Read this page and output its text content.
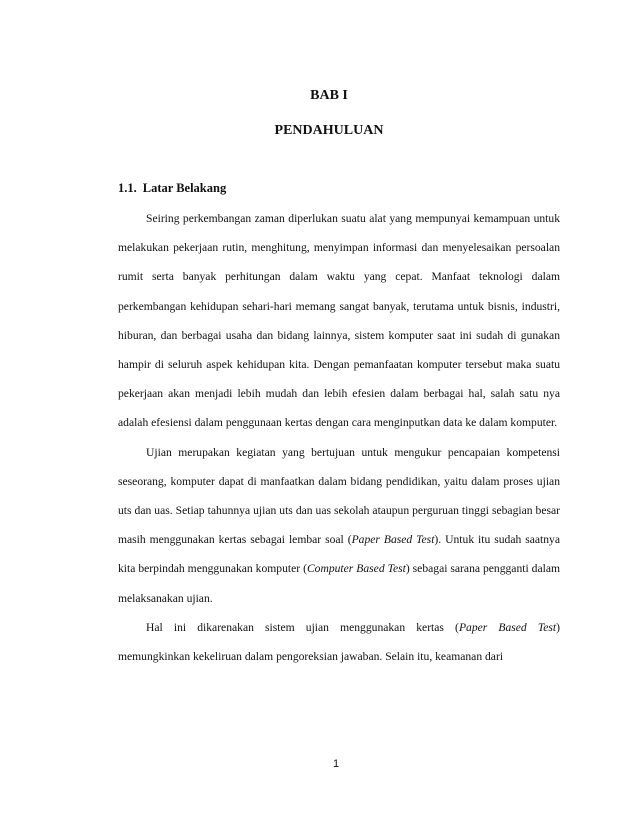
BAB I
PENDAHULUAN
1.1. Latar Belakang

Seiring perkembangan zaman diperlukan suatu alat yang mempunyai kemampuan untuk melakukan pekerjaan rutin, menghitung, menyimpan informasi dan menyelesaikan persoalan rumit serta banyak perhitungan dalam waktu yang cepat. Manfaat teknologi dalam perkembangan kehidupan sehari-hari memang sangat banyak, terutama untuk bisnis, industri, hiburan, dan berbagai usaha dan bidang lainnya, sistem komputer saat ini sudah di gunakan hampir di seluruh aspek kehidupan kita. Dengan pemanfaatan komputer tersebut maka suatu pekerjaan akan menjadi lebih mudah dan lebih efesien dalam berbagai hal, salah satu nya adalah efesiensi dalam penggunaan kertas dengan cara menginputkan data ke dalam komputer.

Ujian merupakan kegiatan yang bertujuan untuk mengukur pencapaian kompetensi seseorang, komputer dapat di manfaatkan dalam bidang pendidikan, yaitu dalam proses ujian uts dan uas. Setiap tahunnya ujian uts dan uas sekolah ataupun perguruan tinggi sebagian besar masih menggunakan kertas sebagai lembar soal (Paper Based Test). Untuk itu sudah saatnya kita berpindah menggunakan komputer (Computer Based Test) sebagai sarana pengganti dalam melaksanakan ujian.

Hal ini dikarenakan sistem ujian menggunakan kertas (Paper Based Test) memungkinkan kekeliruan dalam pengoreksian jawaban. Selain itu, keamanan dari

1
